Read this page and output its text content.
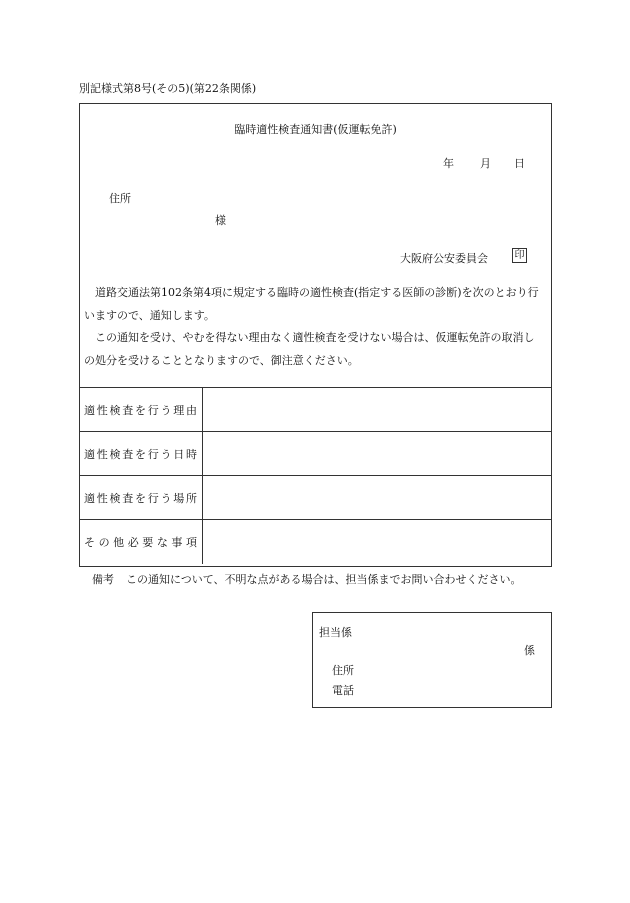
別記様式第8号(その5)(第22条関係)
臨時適性検査通知書(仮運転免許)
年 月 日
住所
様
大阪府公安委員会	印

道路交通法第102条第4項に規定する臨時の適性検査(指定する医師の診断)を次のとおり行いますので、通知します。

この通知を受け、やむを得ない理由なく適性検査を受けない場合は、仮運転免許の取消しの処分を受けることとなりますので、御注意ください。

適性検査を行う理由	
適性検査を行う日時	
適性検査を行う場所	
その他必要な事項	
備考 この通知について、不明な点がある場合は、担当係までお問い合わせください。
担当係
係
住所
電話
